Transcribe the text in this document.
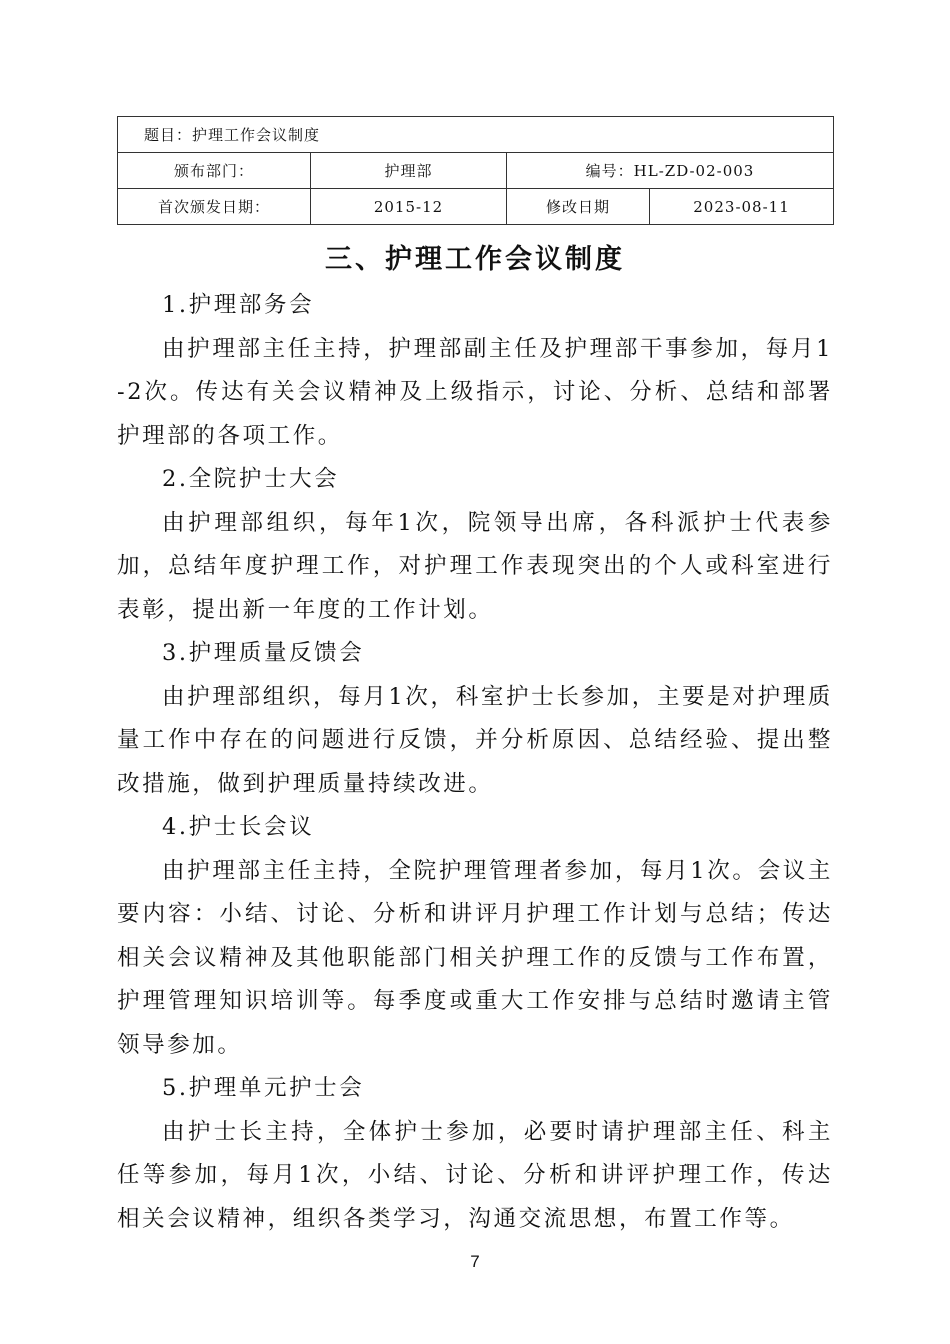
题目：护理工作会议制度			
颁布部门：	护理部	编号：HL-ZD-02-003	
首次颁发日期：	2015-12	修改日期	2023-08-11
三、护理工作会议制度

1.护理部务会

由护理部主任主持，护理部副主任及护理部干事参加，每月1-2次。传达有关会议精神及上级指示，讨论、分析、总结和部署护理部的各项工作。

2.全院护士大会

由护理部组织，每年1次，院领导出席，各科派护士代表参加，总结年度护理工作，对护理工作表现突出的个人或科室进行表彰，提出新一年度的工作计划。

3.护理质量反馈会

由护理部组织，每月1次，科室护士长参加，主要是对护理质量工作中存在的问题进行反馈，并分析原因、总结经验、提出整改措施，做到护理质量持续改进。

4.护士长会议

由护理部主任主持，全院护理管理者参加，每月1次。会议主要内容：小结、讨论、分析和讲评月护理工作计划与总结；传达相关会议精神及其他职能部门相关护理工作的反馈与工作布置，护理管理知识培训等。每季度或重大工作安排与总结时邀请主管领导参加。

5.护理单元护士会

由护士长主持，全体护士参加，必要时请护理部主任、科主任等参加，每月1次，小结、讨论、分析和讲评护理工作，传达相关会议精神，组织各类学习，沟通交流思想，布置工作等。

7
